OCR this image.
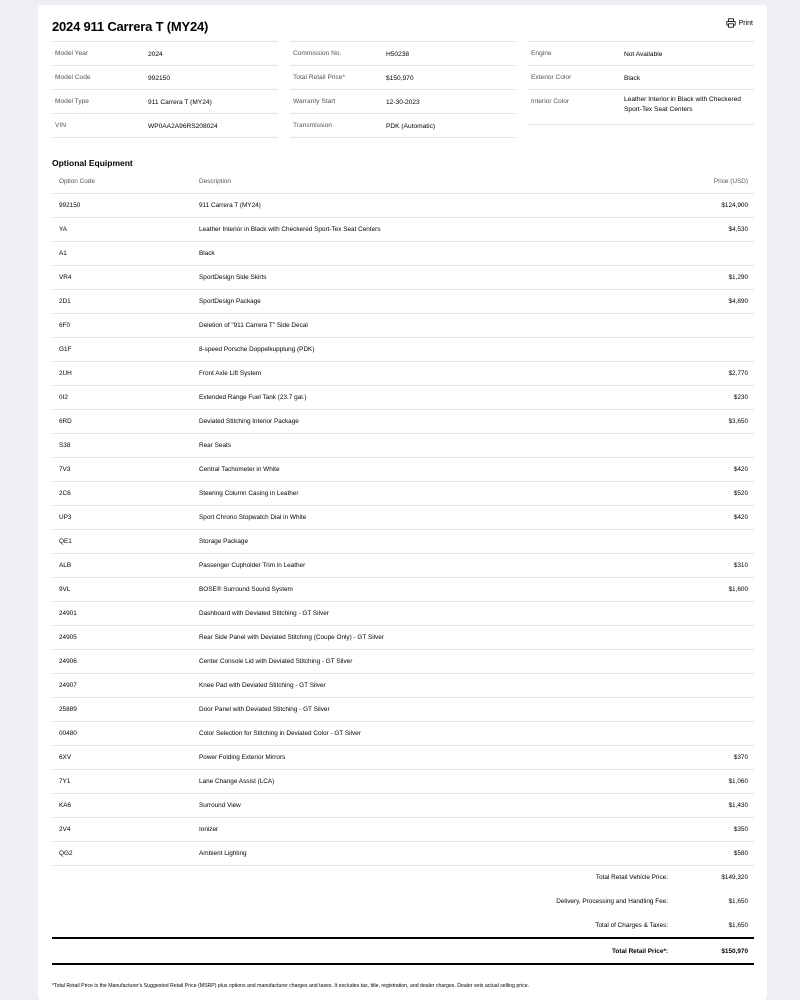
2024 911 Carrera T (MY24)	Print
Model Year	2024
Model Code	992150
Model Type	911 Carrera T (MY24)
VIN	WP0AA2A96RS208024
Commission No.	H50238
Total Retail Price*	$150,970
Warranty Start	12-30-2023
Transmission	PDK (Automatic)
Engine	Not Available
Exterior Color	Black
Interior Color	Leather Interior in Black with Checkered Sport-Tex Seat Centers
Optional Equipment
Option Code	Description	Price (USD)
992150	911 Carrera T (MY24)	$124,900
YA	Leather Interior in Black with Checkered Sport-Tex Seat Centers	$4,530
A1	Black	
VR4	SportDesign Side Skirts	$1,290
2D1	SportDesign Package	$4,890
6F0	Deletion of "911 Carrera T" Side Decal	
G1F	8-speed Porsche Doppelkupplung (PDK)	
2UH	Front Axle Lift System	$2,770
0I2	Extended Range Fuel Tank (23.7 gal.)	$230
6RD	Deviated Stitching Interior Package	$3,650
S38	Rear Seats	
7V3	Central Tachometer in White	$420
2C6	Steering Column Casing in Leather	$520
UP3	Sport Chrono Stopwatch Dial in White	$420
QE1	Storage Package	
ALB	Passenger Cupholder Trim in Leather	$310
9VL	BOSE® Surround Sound System	$1,600
24901	Dashboard with Deviated Stitching - GT Silver	
24905	Rear Side Panel with Deviated Stitching (Coupe Only) - GT Silver	
24906	Center Console Lid with Deviated Stitching - GT Silver	
24907	Knee Pad with Deviated Stitching - GT Silver	
25889	Door Panel with Deviated Stitching - GT Silver	
00480	Color Selection for Stitching in Deviated Color - GT Silver	
6XV	Power Folding Exterior Mirrors	$370
7Y1	Lane Change Assist (LCA)	$1,060
KA6	Surround View	$1,430
2V4	Ionizer	$350
QG2	Ambient Lighting	$580
Total Retail Vehicle Price:	$149,320
Delivery, Processing and Handling Fee:	$1,650
Total of Charges & Taxes:	$1,650
Total Retail Price*:	$150,970
*Total Retail Price is the Manufacturer's Suggested Retail Price (MSRP) plus options and manufacturer charges and taxes. It excludes tax, title, registration, and dealer charges. Dealer sets actual selling price.
